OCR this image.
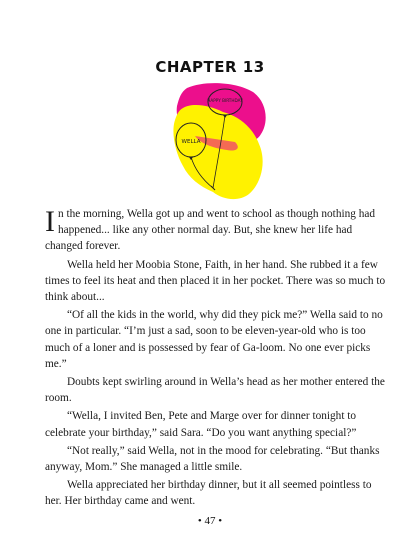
CHAPTER 13
HAPPY BIRTHDAY
WELLA

In the morning, Wella got up and went to school as though nothing had happened... like any other normal day. But, she knew her life had changed forever.

Wella held her Moobia Stone, Faith, in her hand. She rubbed it a few times to feel its heat and then placed it in her pocket. There was so much to think about...

“Of all the kids in the world, why did they pick me?” Wella said to no one in particular. “I’m just a sad, soon to be eleven-year-old who is too much of a loner and is possessed by fear of Ga-loom. No one ever picks me.”

Doubts kept swirling around in Wella’s head as her mother entered the room.

“Wella, I invited Ben, Pete and Marge over for dinner tonight to celebrate your birthday,” said Sara. “Do you want anything special?”

“Not really,” said Wella, not in the mood for celebrating. “But thanks anyway, Mom.” She managed a little smile.

Wella appreciated her birthday dinner, but it all seemed pointless to her. Her birthday came and went.

• 47 •
